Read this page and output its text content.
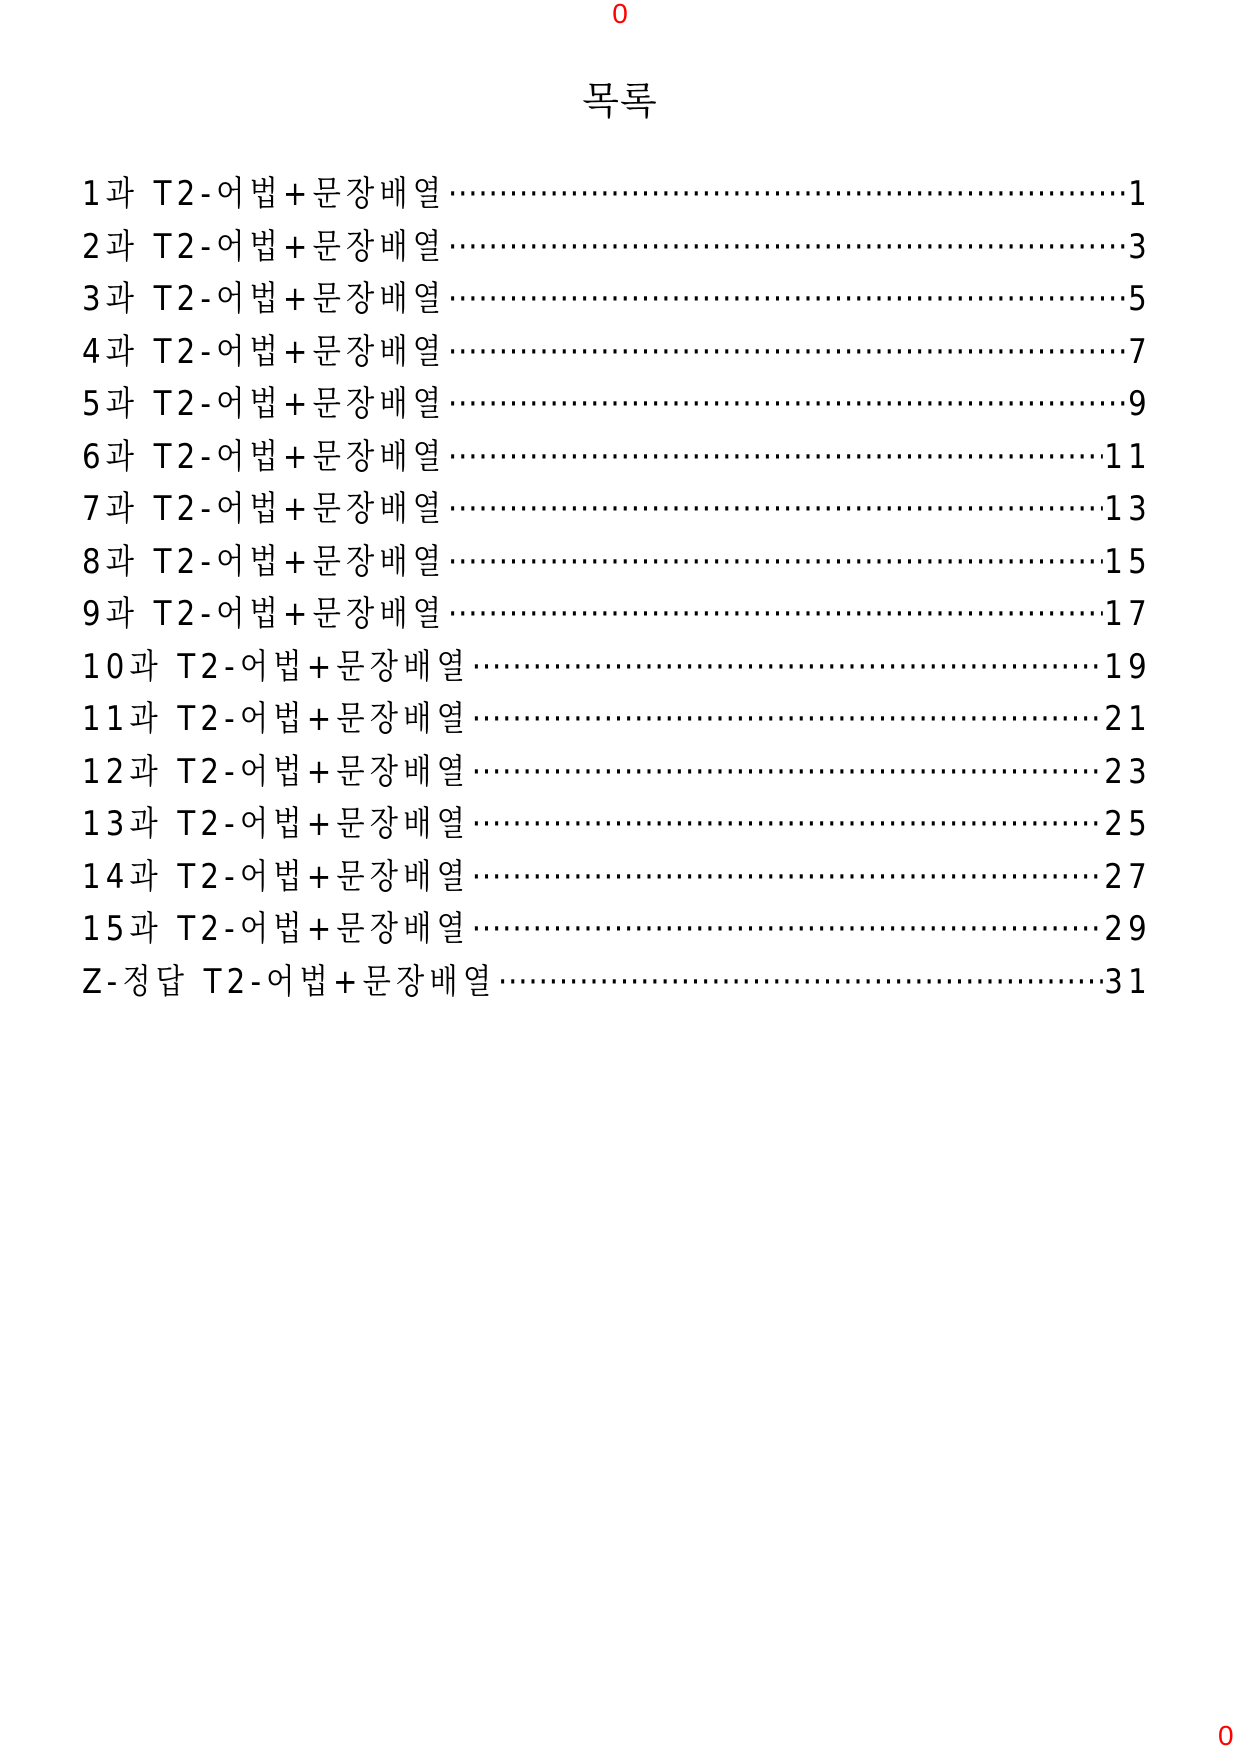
0
목록
1과 T2-어법+문장배열 ·····	1
2과 T2-어법+문장배열 ·····	3
3과 T2-어법+문장배열 ·····	5
4과 T2-어법+문장배열 ·····	7
5과 T2-어법+문장배열 ·····	9
6과 T2-어법+문장배열 ·····	11
7과 T2-어법+문장배열 ·····	13
8과 T2-어법+문장배열 ·····	15
9과 T2-어법+문장배열 ·····	17
10과 T2-어법+문장배열 ·····	19
11과 T2-어법+문장배열 ·····	21
12과 T2-어법+문장배열 ·····	23
13과 T2-어법+문장배열 ·····	25
14과 T2-어법+문장배열 ·····	27
15과 T2-어법+문장배열 ·····	29
Z-정답 T2-어법+문장배열 ·····	31
0
